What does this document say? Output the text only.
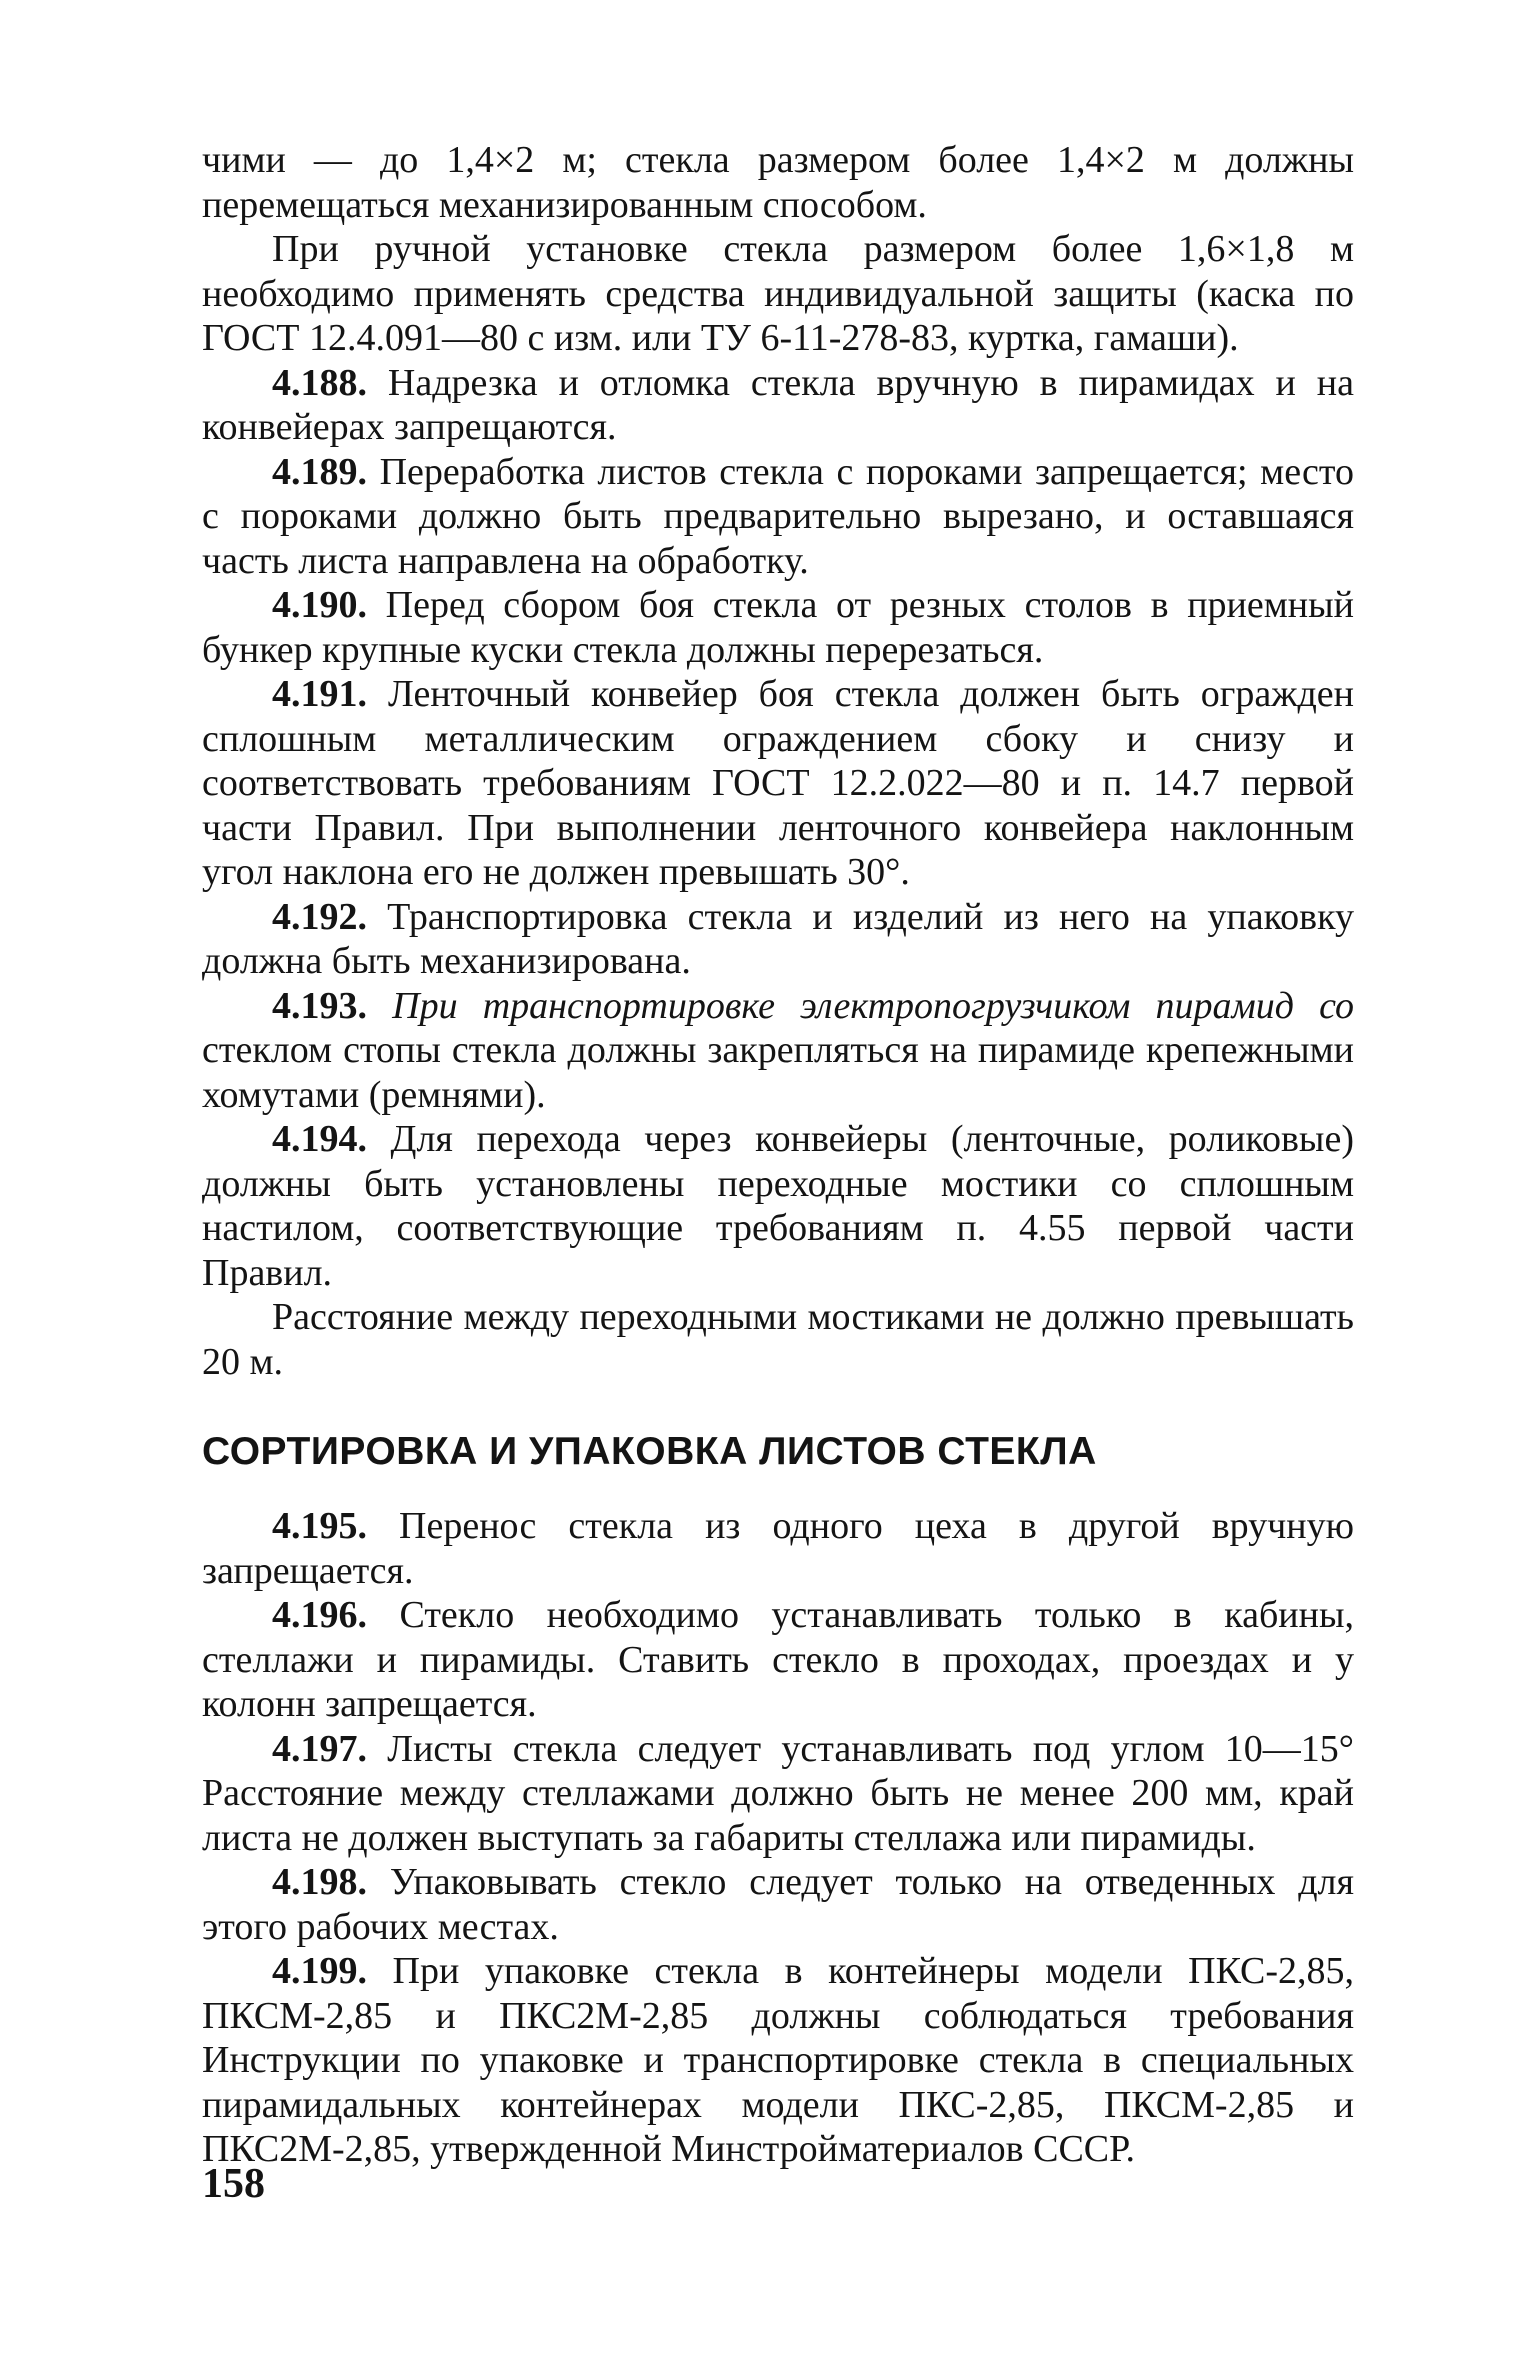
чими — до 1,4×2 м; стекла размером более 1,4×2 м должны перемещаться механизированным способом.

При ручной установке стекла размером более 1,6×1,8 м необходимо применять средства индивидуальной защиты (каска по ГОСТ 12.4.091—80 с изм. или ТУ 6-11-278-83, куртка, гамаши).

4.188. Надрезка и отломка стекла вручную в пирамидах и на конвейерах запрещаются.

4.189. Переработка листов стекла с пороками запрещается; место с пороками должно быть предварительно вырезано, и оставшаяся часть листа направлена на обработку.

4.190. Перед сбором боя стекла от резных столов в приемный бункер крупные куски стекла должны перерезаться.

4.191. Ленточный конвейер боя стекла должен быть огражден сплошным металлическим ограждением сбоку и снизу и соответствовать требованиям ГОСТ 12.2.022—80 и п. 14.7 первой части Правил. При выполнении ленточного конвейера наклонным угол наклона его не должен превышать 30°.

4.192. Транспортировка стекла и изделий из него на упаковку должна быть механизирована.

4.193. При транспортировке электропогрузчиком пирамид со стеклом стопы стекла должны закрепляться на пирамиде крепежными хомутами (ремнями).

4.194. Для перехода через конвейеры (ленточные, роликовые) должны быть установлены переходные мостики со сплошным настилом, соответствующие требованиям п. 4.55 первой части Правил.

Расстояние между переходными мостиками не должно превышать 20 м.

СОРТИРОВКА И УПАКОВКА ЛИСТОВ СТЕКЛА

4.195. Перенос стекла из одного цеха в другой вручную запрещается.

4.196. Стекло необходимо устанавливать только в кабины, стеллажи и пирамиды. Ставить стекло в проходах, проездах и у колонн запрещается.

4.197. Листы стекла следует устанавливать под углом 10—15° Расстояние между стеллажами должно быть не менее 200 мм, край листа не должен выступать за габариты стеллажа или пирамиды.

4.198. Упаковывать стекло следует только на отведенных для этого рабочих местах.

4.199. При упаковке стекла в контейнеры модели ПКС-2,85, ПКСМ-2,85 и ПКС2М-2,85 должны соблюдаться требования Инструкции по упаковке и транспортировке стекла в специальных пирамидальных контейнерах модели ПКС-2,85, ПКСМ-2,85 и ПКС2М-2,85, утвержденной Минстройматериалов СССР.

158
